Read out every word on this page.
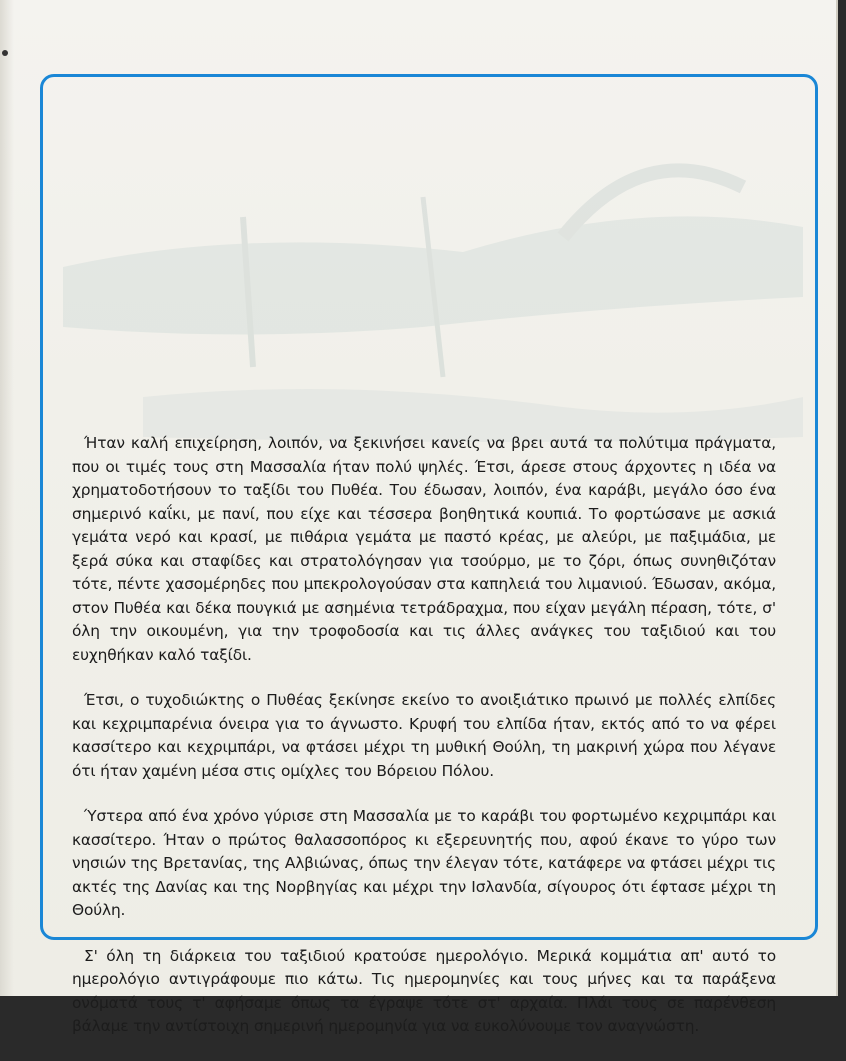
Ήταν καλή επιχείρηση, λοιπόν, να ξεκινήσει κανείς να βρει αυτά τα πολύτιμα πράγματα, που οι τιμές τους στη Μασσαλία ήταν πολύ ψηλές. Έτσι, άρεσε στους άρχοντες η ιδέα να χρηματοδοτήσουν το ταξίδι του Πυθέα. Του έδωσαν, λοιπόν, ένα καράβι, μεγάλο όσο ένα σημερινό καΐκι, με πανί, που είχε και τέσσερα βοηθητικά κουπιά. Το φορτώσανε με ασκιά γεμάτα νερό και κρασί, με πιθάρια γεμάτα με παστό κρέας, με αλεύρι, με παξιμάδια, με ξερά σύκα και σταφίδες και στρατολόγησαν για τσούρμο, με το ζόρι, όπως συνηθιζόταν τότε, πέντε χασομέρηδες που μπεκρολογούσαν στα καπηλειά του λιμανιού. Έδωσαν, ακόμα, στον Πυθέα και δέκα πουγκιά με ασημένια τετράδραχμα, που είχαν μεγάλη πέραση, τότε, σ' όλη την οικουμένη, για την τροφοδοσία και τις άλλες ανάγκες του ταξιδιού και του ευχηθήκαν καλό ταξίδι.

Έτσι, ο τυχοδιώκτης ο Πυθέας ξεκίνησε εκείνο το ανοιξιάτικο πρωινό με πολλές ελπίδες και κεχριμπαρένια όνειρα για το άγνωστο. Κρυφή του ελπίδα ήταν, εκτός από το να φέρει κασσίτερο και κεχριμπάρι, να φτάσει μέχρι τη μυθική Θούλη, τη μακρινή χώρα που λέγανε ότι ήταν χαμένη μέσα στις ομίχλες του Βόρειου Πόλου.

Ύστερα από ένα χρόνο γύρισε στη Μασσαλία με το καράβι του φορτωμένο κεχριμπάρι και κασσίτερο. Ήταν ο πρώτος θαλασσοπόρος κι εξερευνητής που, αφού έκανε το γύρο των νησιών της Βρετανίας, της Αλβιώνας, όπως την έλεγαν τότε, κατάφερε να φτάσει μέχρι τις ακτές της Δανίας και της Νορβηγίας και μέχρι την Ισλανδία, σίγουρος ότι έφτασε μέχρι τη Θούλη.

Σ' όλη τη διάρκεια του ταξιδιού κρατούσε ημερολόγιο. Μερικά κομμάτια απ' αυτό το ημερολόγιο αντιγράφουμε πιο κάτω. Τις ημερομηνίες και τους μήνες και τα παράξενα ονόματά τους τ' αφήσαμε όπως τα έγραψε τότε στ' αρχαία. Πλάι τους σε παρένθεση βάλαμε την αντίστοιχη σημερινή ημερομηνία για να ευκολύνουμε τον αναγνώστη.
